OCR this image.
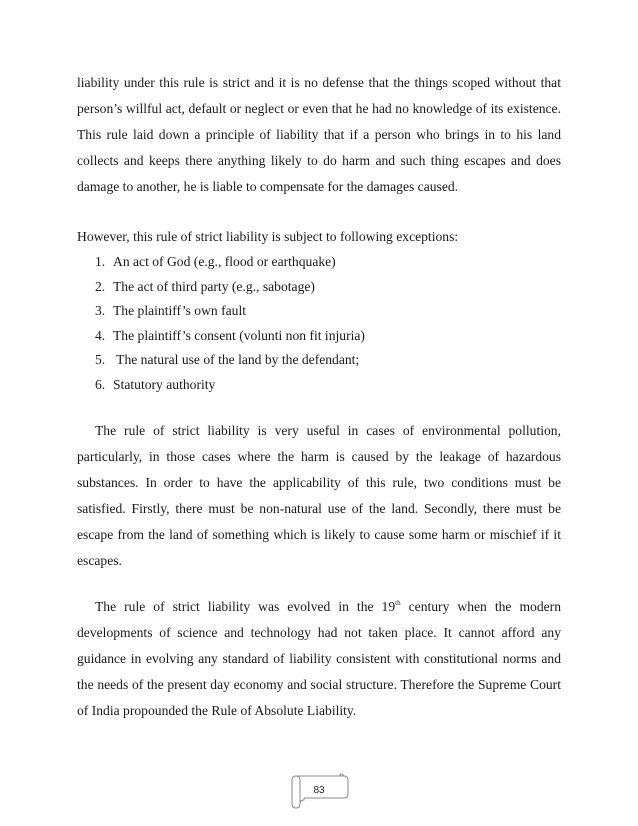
liability under this rule is strict and it is no defense that the things scoped without that person’s willful act, default or neglect or even that he had no knowledge of its existence. This rule laid down a principle of liability that if a person who brings in to his land collects and keeps there anything likely to do harm and such thing escapes and does damage to another, he is liable to compensate for the damages caused.

However, this rule of strict liability is subject to following exceptions:

1. An act of God (e.g., flood or earthquake)
2. The act of third party (e.g., sabotage)
3. The plaintiff’s own fault
4. The plaintiff’s consent (volunti non fit injuria)
5. The natural use of the land by the defendant;
6. Statutory authority

The rule of strict liability is very useful in cases of environmental pollution, particularly, in those cases where the harm is caused by the leakage of hazardous substances. In order to have the applicability of this rule, two conditions must be satisfied. Firstly, there must be non-natural use of the land. Secondly, there must be escape from the land of something which is likely to cause some harm or mischief if it escapes.

The rule of strict liability was evolved in the 19th century when the modern developments of science and technology had not taken place. It cannot afford any guidance in evolving any standard of liability consistent with constitutional norms and the needs of the present day economy and social structure. Therefore the Supreme Court of India propounded the Rule of Absolute Liability.

83
